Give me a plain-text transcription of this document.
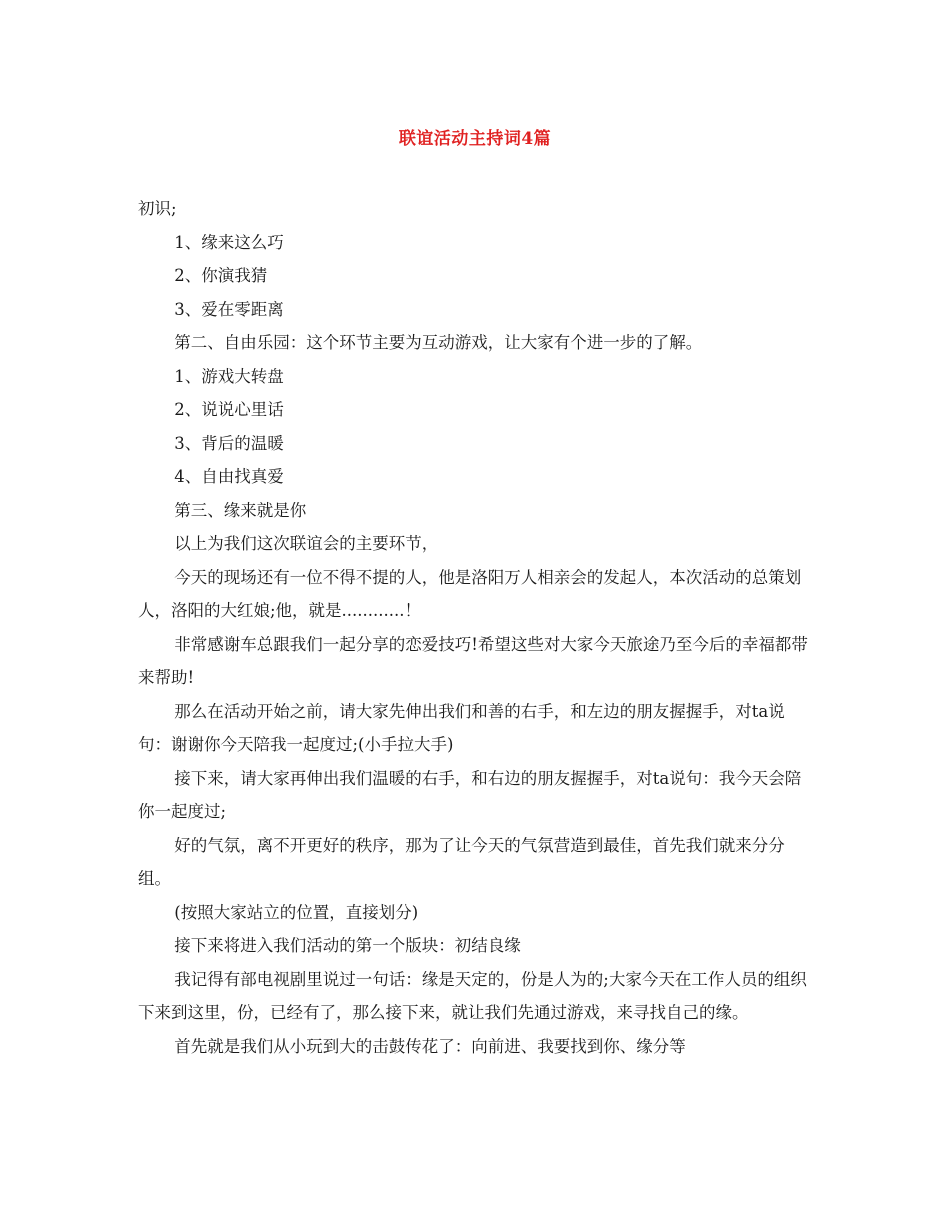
联谊活动主持词4篇

初识;

1、缘来这么巧

2、你演我猜

3、爱在零距离

第二、自由乐园：这个环节主要为互动游戏，让大家有个进一步的了解。

1、游戏大转盘

2、说说心里话

3、背后的温暖

4、自由找真爱

第三、缘来就是你

以上为我们这次联谊会的主要环节，

今天的现场还有一位不得不提的人，他是洛阳万人相亲会的发起人，本次活动的总策划人，洛阳的大红娘;他，就是............！

非常感谢车总跟我们一起分享的恋爱技巧!希望这些对大家今天旅途乃至今后的幸福都带来帮助!

那么在活动开始之前，请大家先伸出我们和善的右手，和左边的朋友握握手，对ta说句：谢谢你今天陪我一起度过;(小手拉大手)

接下来，请大家再伸出我们温暖的右手，和右边的朋友握握手，对ta说句：我今天会陪你一起度过;

好的气氛，离不开更好的秩序，那为了让今天的气氛营造到最佳，首先我们就来分分组。

(按照大家站立的位置，直接划分)

接下来将进入我们活动的第一个版块：初结良缘

我记得有部电视剧里说过一句话：缘是天定的，份是人为的;大家今天在工作人员的组织下来到这里，份，已经有了，那么接下来，就让我们先通过游戏，来寻找自己的缘。

首先就是我们从小玩到大的击鼓传花了：向前进、我要找到你、缘分等
